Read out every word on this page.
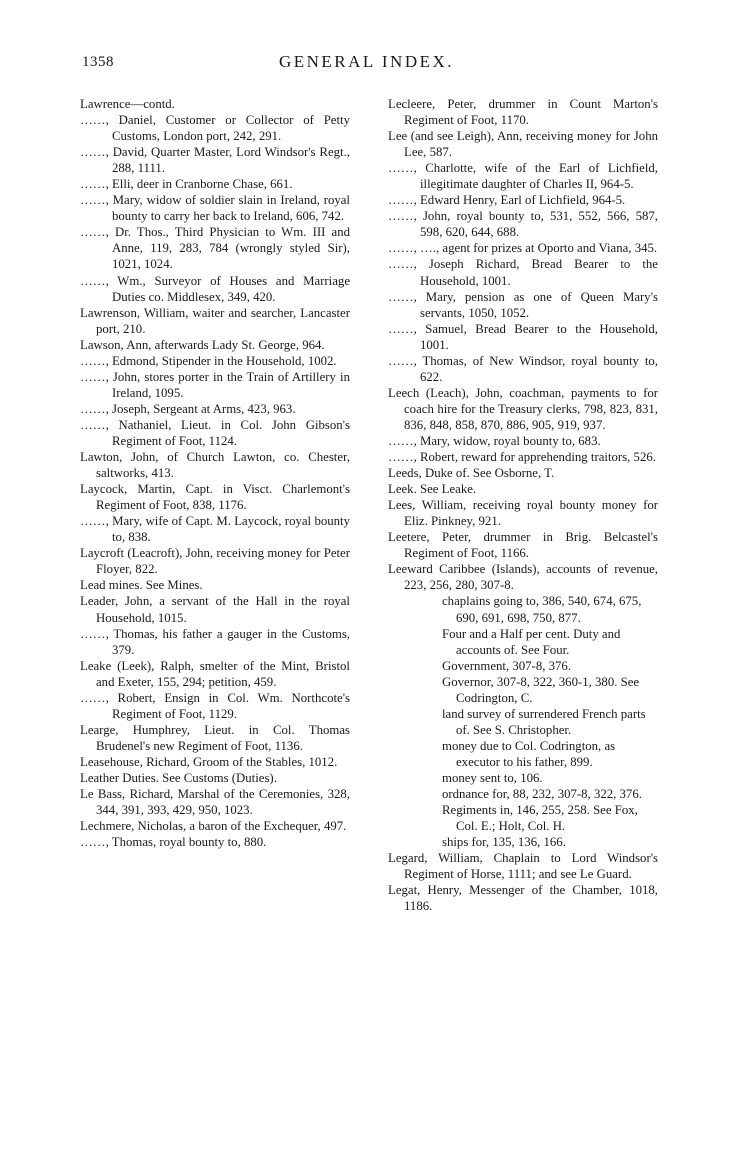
1358	GENERAL INDEX.
Lawrence—contd.
……, Daniel, Customer or Collector of Petty Customs, London port, 242, 291.
……, David, Quarter Master, Lord Windsor's Regt., 288, 1111.
……, Elli, deer in Cranborne Chase, 661.
……, Mary, widow of soldier slain in Ireland, royal bounty to carry her back to Ireland, 606, 742.
……, Dr. Thos., Third Physician to Wm. III and Anne, 119, 283, 784 (wrongly styled Sir), 1021, 1024.
……, Wm., Surveyor of Houses and Marriage Duties co. Middlesex, 349, 420.
Lawrenson, William, waiter and searcher, Lancaster port, 210.
Lawson, Ann, afterwards Lady St. George, 964.
……, Edmond, Stipender in the Household, 1002.
……, John, stores porter in the Train of Artillery in Ireland, 1095.
……, Joseph, Sergeant at Arms, 423, 963.
……, Nathaniel, Lieut. in Col. John Gibson's Regiment of Foot, 1124.
Lawton, John, of Church Lawton, co. Chester, saltworks, 413.
Laycock, Martin, Capt. in Visct. Charlemont's Regiment of Foot, 838, 1176.
……, Mary, wife of Capt. M. Laycock, royal bounty to, 838.
Laycroft (Leacroft), John, receiving money for Peter Floyer, 822.
Lead mines. See Mines.
Leader, John, a servant of the Hall in the royal Household, 1015.
……, Thomas, his father a gauger in the Customs, 379.
Leake (Leek), Ralph, smelter of the Mint, Bristol and Exeter, 155, 294; petition, 459.
……, Robert, Ensign in Col. Wm. Northcote's Regiment of Foot, 1129.
Learge, Humphrey, Lieut. in Col. Thomas Brudenel's new Regiment of Foot, 1136.
Leasehouse, Richard, Groom of the Stables, 1012.
Leather Duties. See Customs (Duties).
Le Bass, Richard, Marshal of the Ceremonies, 328, 344, 391, 393, 429, 950, 1023.
Lechmere, Nicholas, a baron of the Exchequer, 497.
……, Thomas, royal bounty to, 880.
Lecleere, Peter, drummer in Count Marton's Regiment of Foot, 1170.
Lee (and see Leigh), Ann, receiving money for John Lee, 587.
……, Charlotte, wife of the Earl of Lichfield, illegitimate daughter of Charles II, 964-5.
……, Edward Henry, Earl of Lichfield, 964-5.
……, John, royal bounty to, 531, 552, 566, 587, 598, 620, 644, 688.
……, …., agent for prizes at Oporto and Viana, 345.
……, Joseph Richard, Bread Bearer to the Household, 1001.
……, Mary, pension as one of Queen Mary's servants, 1050, 1052.
……, Samuel, Bread Bearer to the Household, 1001.
……, Thomas, of New Windsor, royal bounty to, 622.
Leech (Leach), John, coachman, payments to for coach hire for the Treasury clerks, 798, 823, 831, 836, 848, 858, 870, 886, 905, 919, 937.
……, Mary, widow, royal bounty to, 683.
……, Robert, reward for apprehending traitors, 526.
Leeds, Duke of. See Osborne, T.
Leek. See Leake.
Lees, William, receiving royal bounty money for Eliz. Pinkney, 921.
Leetere, Peter, drummer in Brig. Belcastel's Regiment of Foot, 1166.
Leeward Caribbee (Islands), accounts of revenue, 223, 256, 280, 307-8.
chaplains going to, 386, 540, 674, 675, 690, 691, 698, 750, 877.
Four and a Half per cent. Duty and accounts of. See Four.
Government, 307-8, 376.
Governor, 307-8, 322, 360-1, 380. See Codrington, C.
land survey of surrendered French parts of. See S. Christopher.
money due to Col. Codrington, as executor to his father, 899.
money sent to, 106.
ordnance for, 88, 232, 307-8, 322, 376.
Regiments in, 146, 255, 258. See Fox, Col. E.; Holt, Col. H.
ships for, 135, 136, 166.
Legard, William, Chaplain to Lord Windsor's Regiment of Horse, 1111; and see Le Guard.
Legat, Henry, Messenger of the Chamber, 1018, 1186.
